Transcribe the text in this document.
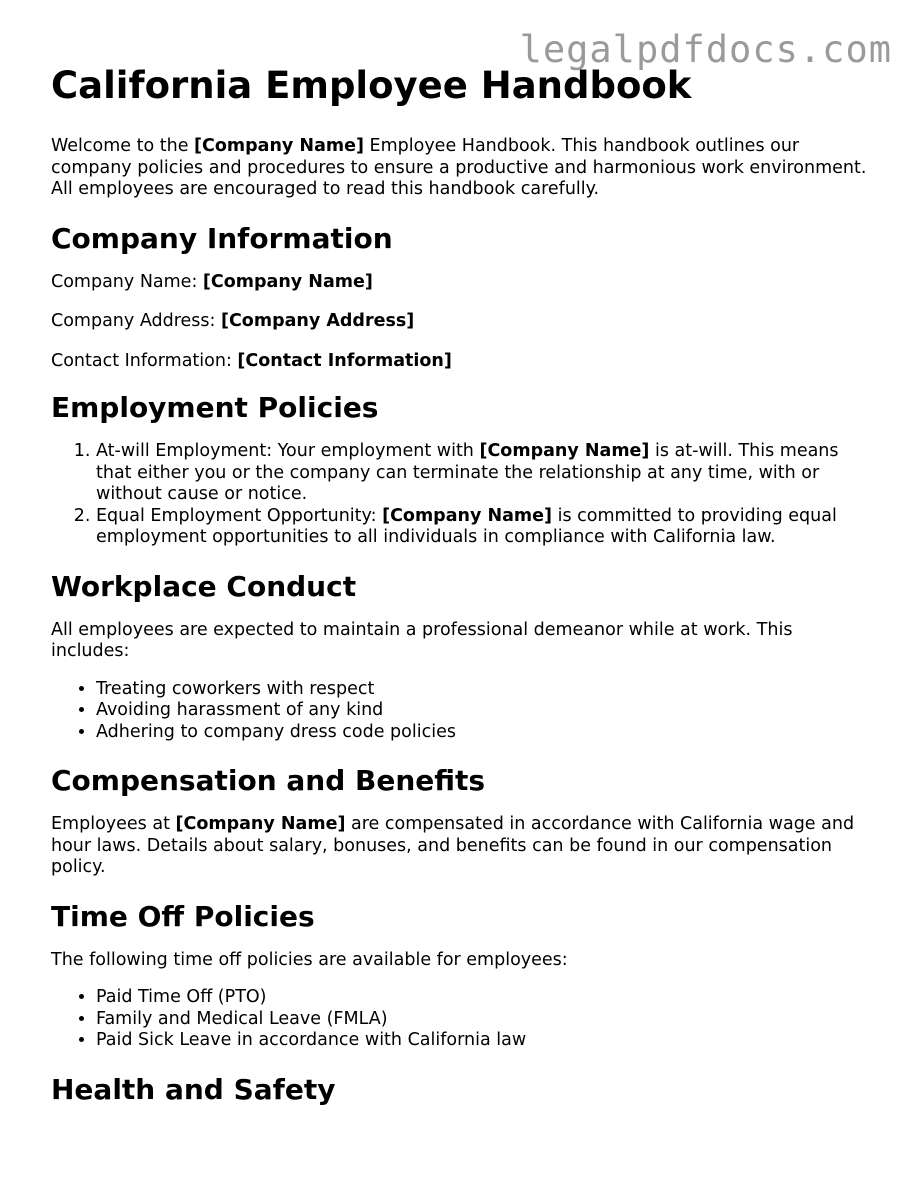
legalpdfdocs.com
California Employee Handbook

Welcome to the [Company Name] Employee Handbook. This handbook outlines our company policies and procedures to ensure a productive and harmonious work environment. All employees are encouraged to read this handbook carefully.

Company Information

Company Name: [Company Name]

Company Address: [Company Address]

Contact Information: [Contact Information]

Employment Policies
1. At-will Employment: Your employment with [Company Name] is at-will. This means that either you or the company can terminate the relationship at any time, with or without cause or notice.
2. Equal Employment Opportunity: [Company Name] is committed to providing equal employment opportunities to all individuals in compliance with California law.
Workplace Conduct

All employees are expected to maintain a professional demeanor while at work. This includes:

• Treating coworkers with respect
• Avoiding harassment of any kind
• Adhering to company dress code policies
Compensation and Benefits

Employees at [Company Name] are compensated in accordance with California wage and hour laws. Details about salary, bonuses, and benefits can be found in our compensation policy.

Time Off Policies

The following time off policies are available for employees:

• Paid Time Off (PTO)
• Family and Medical Leave (FMLA)
• Paid Sick Leave in accordance with California law
Health and Safety
